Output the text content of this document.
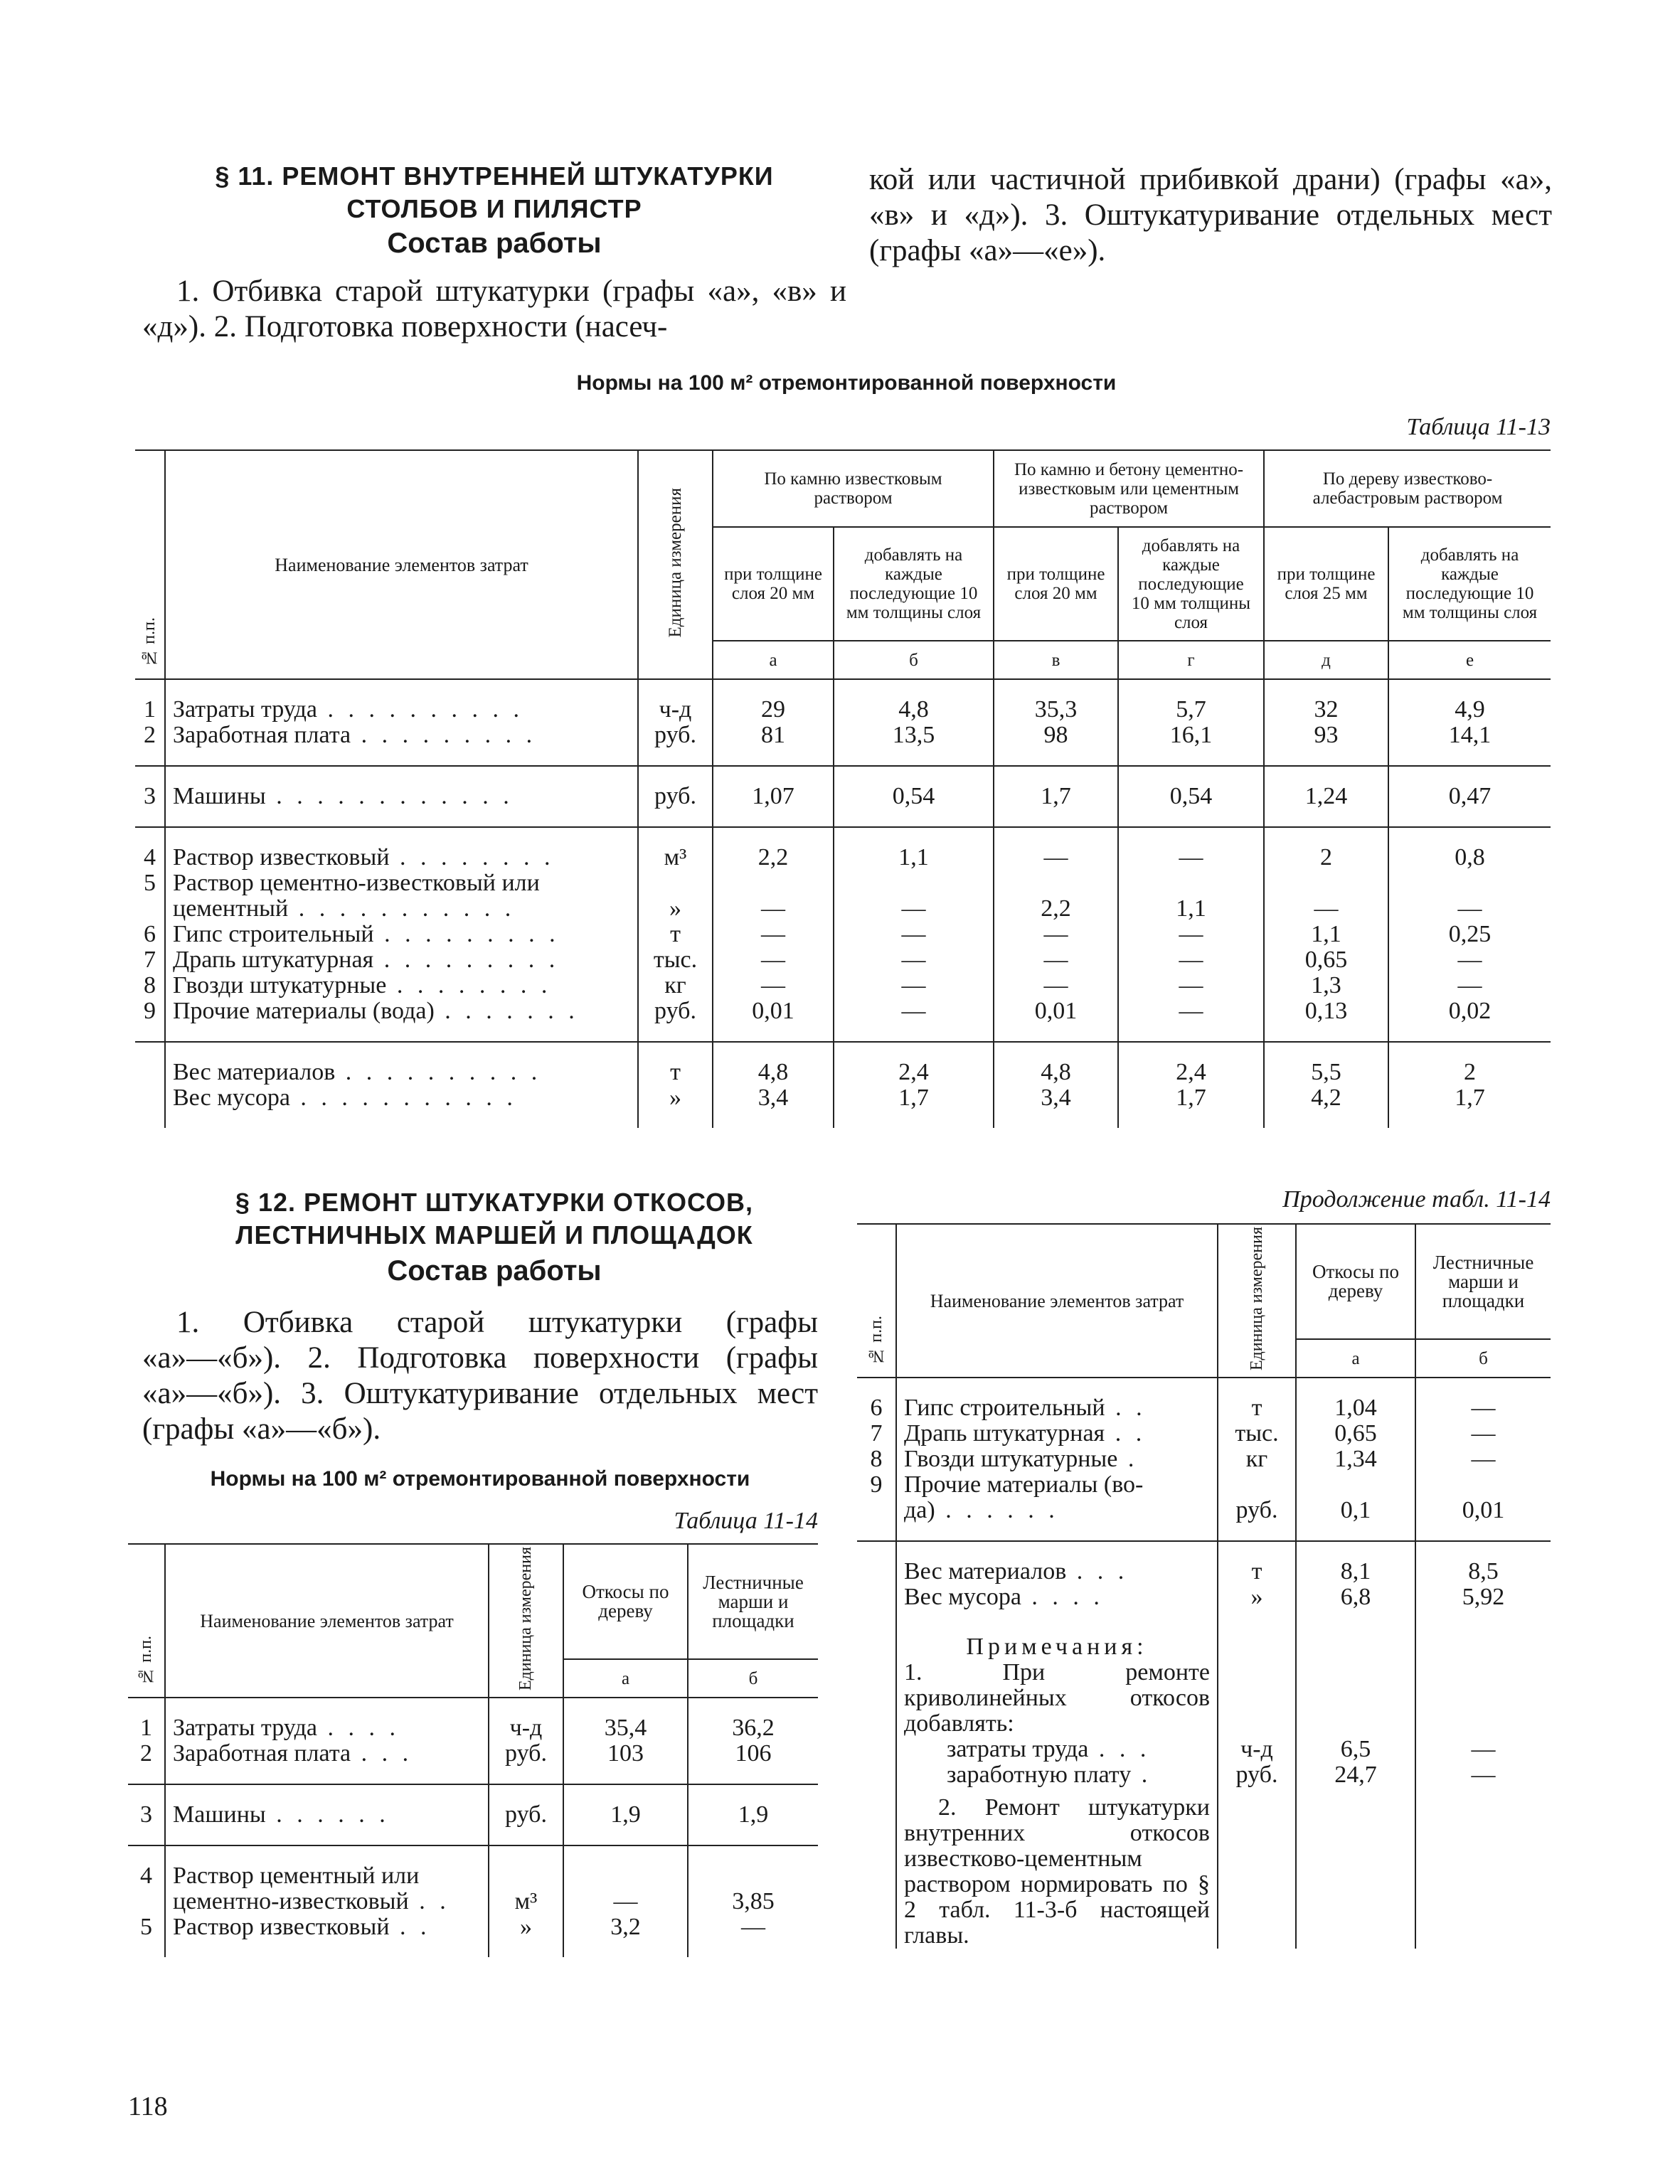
§ 11. РЕМОНТ ВНУТРЕННЕЙ ШТУКАТУРКИ
СТОЛБОВ И ПИЛЯСТР
Состав работы

1. Отбивка старой штукатурки (графы «а», «в» и «д»). 2. Подготовка поверхности (насеч-

кой или частичной прибивкой драни) (графы «а», «в» и «д»). 3. Оштукатуривание отдельных мест (графы «а»—«е»).

Нормы на 100 м² отремонтированной поверхности
Таблица 11-13
№ п.п.	Наименование элементов затрат	Единица измерения	По камню известковым раствором		По камню и бетону цементно-известковым или цементным раствором		По дереву известково-алебастровым раствором	
			при толщине слоя 20 мм	добавлять на каждые последующие 10 мм толщины слоя	при толщине слоя 20 мм	добавлять на каждые последующие 10 мм толщины слоя	при толщине слоя 25 мм	добавлять на каждые последующие 10 мм толщины слоя
			а	б	в	г	д	е

1	Затраты труда . . . . . . . . . .	ч-д	29	4,8	35,3	5,7	32	4,9
2	Заработная плата . . . . . . . . .	руб.	81	13,5	98	16,1	93	14,1

3	Машины . . . . . . . . . . . .	руб.	1,07	0,54	1,7	0,54	1,24	0,47

4	Раствор известковый . . . . . . . .	м³	2,2	1,1	—	—	2	0,8
5	Раствор цементно-известковый или							
	цементный . . . . . . . . . . .	»	—	—	2,2	1,1	—	—
6	Гипс строительный . . . . . . . . .	т	—	—	—	—	1,1	0,25
7	Драпь штукатурная . . . . . . . . .	тыс.	—	—	—	—	0,65	—
8	Гвозди штукатурные . . . . . . . .	кг	—	—	—	—	1,3	—
9	Прочие материалы (вода) . . . . . . .	руб.	0,01	—	0,01	—	0,13	0,02

	Вес материалов . . . . . . . . . .	т	4,8	2,4	4,8	2,4	5,5	2
	Вес мусора . . . . . . . . . . .	»	3,4	1,7	3,4	1,7	4,2	1,7

§ 12. РЕМОНТ ШТУКАТУРКИ ОТКОСОВ,
ЛЕСТНИЧНЫХ МАРШЕЙ И ПЛОЩАДОК
Состав работы

1. Отбивка старой штукатурки (графы «а»—«б»). 2. Подготовка поверхности (графы «а»—«б»). 3. Оштукатуривание отдельных мест (графы «а»—«б»).

Нормы на 100 м² отремонтированной поверхности
Таблица 11-14
№ п.п.	Наименование элементов затрат	Единица измерения	Откосы по дереву	Лестничные марши и площадки
			а	б

1	Затраты труда . . . .	ч-д	35,4	36,2
2	Заработная плата . . .	руб.	103	106

3	Машины . . . . . .	руб.	1,9	1,9

4	Раствор цементный или			
	цементно-известковый . .	м³	—	3,85
5	Раствор известковый . .	»	3,2	—

Продолжение табл. 11-14
№ п.п.	Наименование элементов затрат	Единица измерения	Откосы по дереву	Лестничные марши и площадки
			а	б

6	Гипс строительный . .	т	1,04	—
7	Драпь штукатурная . .	тыс.	0,65	—
8	Гвозди штукатурные .	кг	1,34	—
9	Прочие материалы (во-			
	да) . . . . . .	руб.	0,1	0,01

	Вес материалов . . .	т	8,1	8,5
	Вес мусора . . . .	»	6,8	5,92

	Примечания:
1. При ремонте криволинейных откосов добавлять:			

	затраты труда . . .	ч-д	6,5	—
	заработную плату .	руб.	24,7	—

	2. Ремонт штукатурки внутренних откосов известково-цементным раствором нормировать по § 2 табл. 11-3-б настоящей главы.			

118
